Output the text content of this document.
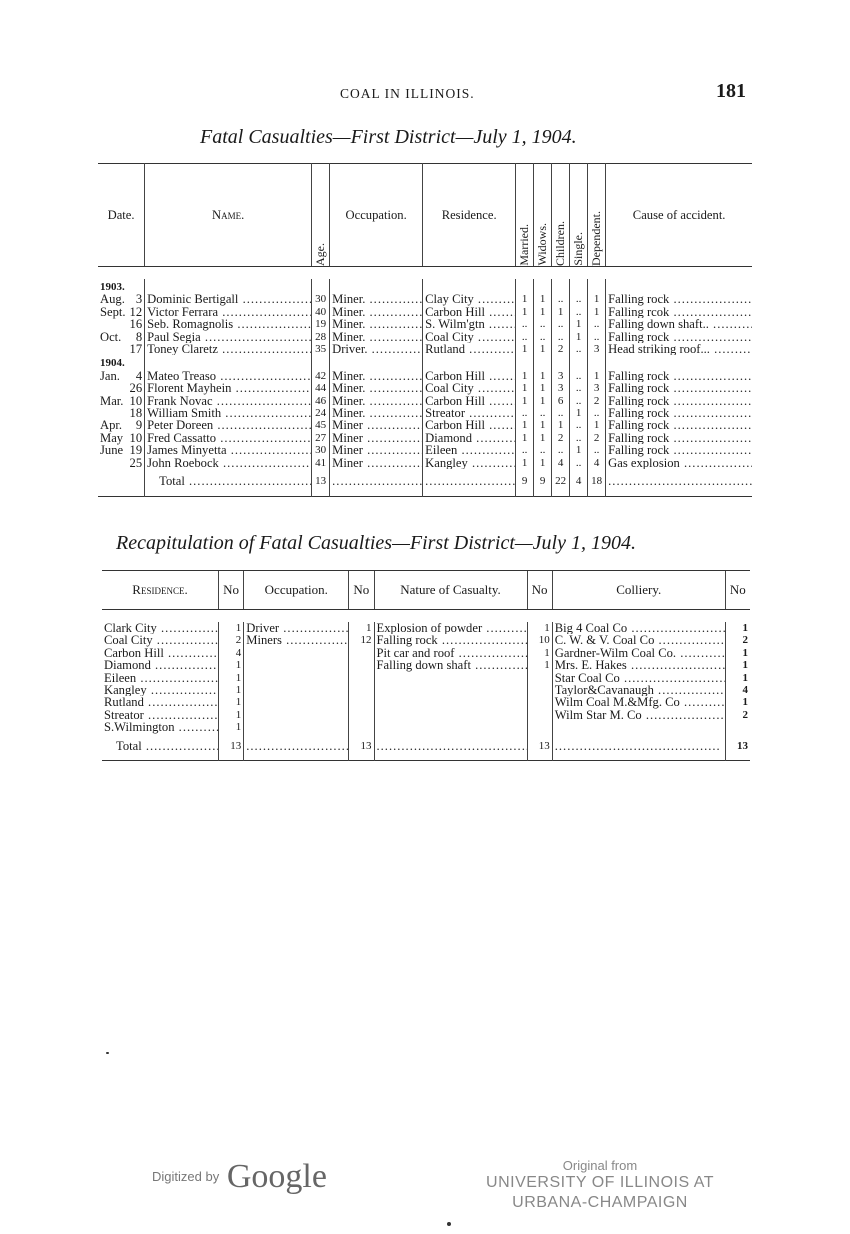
COAL IN ILLINOIS.	181
Fatal Casualties—First District—July 1, 1904.
Date.		Name.	Age.	Occupation.	Residence.	Married.	Widows.	Children.	Single.	Dependent.	Cause of accident.

1903.											
Aug.	3	Dominic Bertigall .....	30	Miner. .....	Clay City .....	1	1	..	..	1	Falling rock .....
Sept.	12	Victor Ferrara .....	40	Miner. .....	Carbon Hill .....	1	1	1	..	1	Falling rcok .....
	16	Seb. Romagnolis .....	19	Miner. .....	S. Wilm'gtn .....	..	..	..	1	..	Falling down shaft.. .....
Oct.	8	Paul Segia .....	28	Miner. .....	Coal City .....	..	..	..	1	..	Falling rock .....
	17	Toney Claretz .....	35	Driver. .....	Rutland .....	1	1	2	..	3	Head striking roof... .....
1904.											
Jan.	4	Mateo Treaso .....	42	Miner. .....	Carbon Hill .....	1	1	3	..	1	Falling rock .....
	26	Florent Mayhein .....	44	Miner. .....	Coal City .....	1	1	3	..	3	Falling rock .....
Mar.	10	Frank Novac .....	46	Miner. .....	Carbon Hill .....	1	1	6	..	2	Falling rock .....
	18	William Smith .....	24	Miner. .....	Streator .....	..	..	..	1	..	Falling rock .....
Apr.	9	Peter Doreen .....	45	Miner .....	Carbon Hill .....	1	1	1	..	1	Falling rock .....
May	10	Fred Cassatto .....	27	Miner .....	Diamond .....	1	1	2	..	2	Falling rock .....
June	19	James Minyetta .....	30	Miner .....	Eileen .....	..	..	..	1	..	Falling rock .....
	25	John Roebock .....	41	Miner .....	Kangley .....	1	1	4	..	4	Gas explosion .....
		Total .....	13	.....	.....	9	9	22	4	18	.....
Recapitulation of Fatal Casualties—First District—July 1, 1904.
Residence.	No	Occupation.	No	Nature of Casualty.	No	Colliery.	No

Clark City .....	1	Driver .....	1	Explosion of powder .....	1	Big 4 Coal Co .....	1
Coal City .....	2	Miners .....	12	Falling rock .....	10	C. W. & V. Coal Co .....	2
Carbon Hill .....	4			Pit car and roof .....	1	Gardner-Wilm Coal Co. .....	1
Diamond .....	1			Falling down shaft .....	1	Mrs. E. Hakes .....	1
Eileen .....	1					Star Coal Co .....	1
Kangley .....	1					Taylor&Cavanaugh .....	4
Rutland .....	1					Wilm Coal M.&Mfg. Co .....	1
Streator .....	1					Wilm Star M. Co .....	2
S.Wilmington .....	1						
Total .....	13	.....	13	.....	13	.....	13
Digitized by Google	Original from
UNIVERSITY OF ILLINOIS AT
URBANA-CHAMPAIGN
